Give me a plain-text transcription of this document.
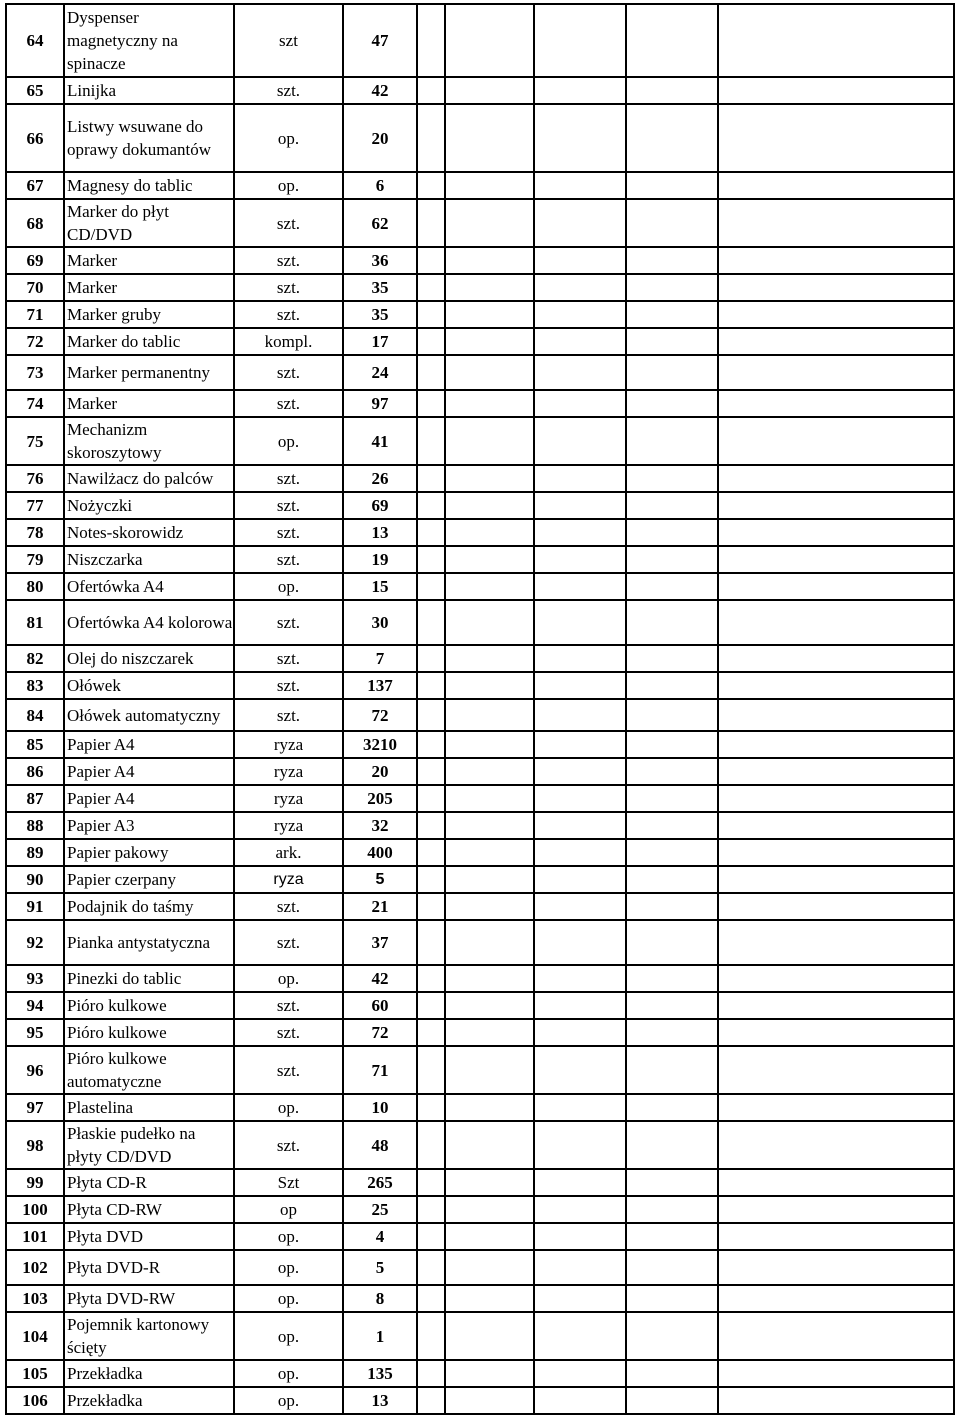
64	Dyspenser magnetyczny na spinacze	szt	47					
65	Linijka	szt.	42					
66	Listwy wsuwane do oprawy dokumantów	op.	20					
67	Magnesy do tablic	op.	6					
68	Marker do płyt CD/DVD	szt.	62					
69	Marker	szt.	36					
70	Marker	szt.	35					
71	Marker gruby	szt.	35					
72	Marker do tablic	kompl.	17					
73	Marker permanentny	szt.	24					
74	Marker	szt.	97					
75	Mechanizm skoroszytowy	op.	41					
76	Nawilżacz do palców	szt.	26					
77	Nożyczki	szt.	69					
78	Notes-skorowidz	szt.	13					
79	Niszczarka	szt.	19					
80	Ofertówka A4	op.	15					
81	Ofertówka A4 kolorowa	szt.	30					
82	Olej do niszczarek	szt.	7					
83	Ołówek	szt.	137					
84	Ołówek automatyczny	szt.	72					
85	Papier A4	ryza	3210					
86	Papier A4	ryza	20					
87	Papier A4	ryza	205					
88	Papier A3	ryza	32					
89	Papier pakowy	ark.	400					
90	Papier czerpany	ryza	5					
91	Podajnik do taśmy	szt.	21					
92	Pianka antystatyczna	szt.	37					
93	Pinezki do tablic	op.	42					
94	Pióro kulkowe	szt.	60					
95	Pióro kulkowe	szt.	72					
96	Pióro kulkowe automatyczne	szt.	71					
97	Plastelina	op.	10					
98	Płaskie pudełko na płyty CD/DVD	szt.	48					
99	Płyta CD-R	Szt	265					
100	Płyta CD-RW	op	25					
101	Płyta DVD	op.	4					
102	Płyta DVD-R	op.	5					
103	Płyta DVD-RW	op.	8					
104	Pojemnik kartonowy ścięty	op.	1					
105	Przekładka	op.	135					
106	Przekładka	op.	13					
